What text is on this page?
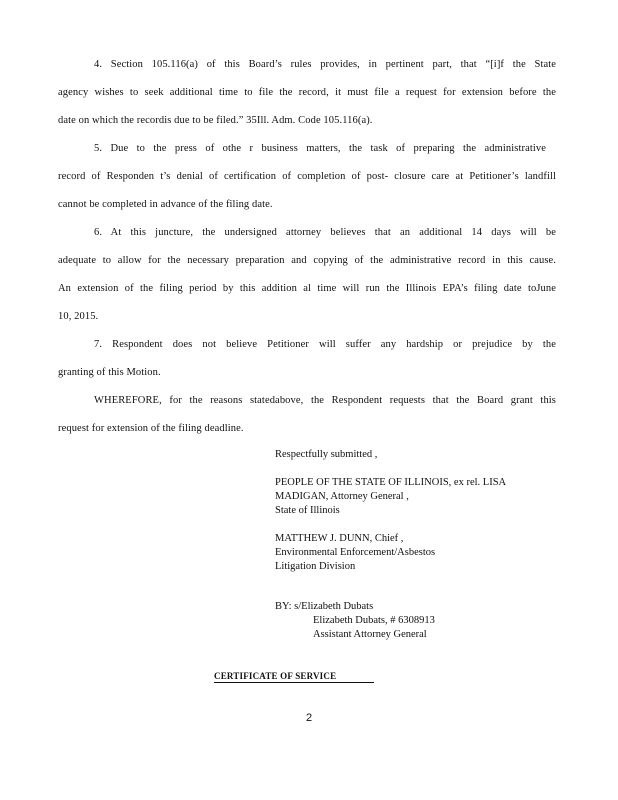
4. Section 105.116(a) of this Board’s rules provides, in pertinent part, that “[i]f the State
agency wishes to seek additional time to file the record, it must file a request for extension before the
date on which the recordis due to be filed.” 35Ill. Adm. Code 105.116(a).
5. Due to the press of othe r business matters, the task of preparing the administrative
record of Responden t’s denial of certification of completion of post- closure care at Petitioner’s landfill
cannot be completed in advance of the filing date.
6. At this juncture, the undersigned attorney believes that an additional 14 days will be
adequate to allow for the necessary preparation and copying of the administrative record in this cause.
An extension of the filing period by this addition al time will run the Illinois EPA’s filing date toJune
10, 2015.
7. Respondent does not believe Petitioner will suffer any hardship or prejudice by the
granting of this Motion.
WHEREFORE, for the reasons statedabove, the Respondent requests that the Board grant this
request for extension of the filing deadline.
Respectfully submitted ,
PEOPLE OF THE STATE OF ILLINOIS, ex rel. LISA
MADIGAN, Attorney General ,
State of Illinois
MATTHEW J. DUNN, Chief ,
Environmental Enforcement/Asbestos
Litigation Division
BY: s/Elizabeth Dubats
Elizabeth Dubats, # 6308913
Assistant Attorney General
CERTIFICATE OF SERVICE
2
